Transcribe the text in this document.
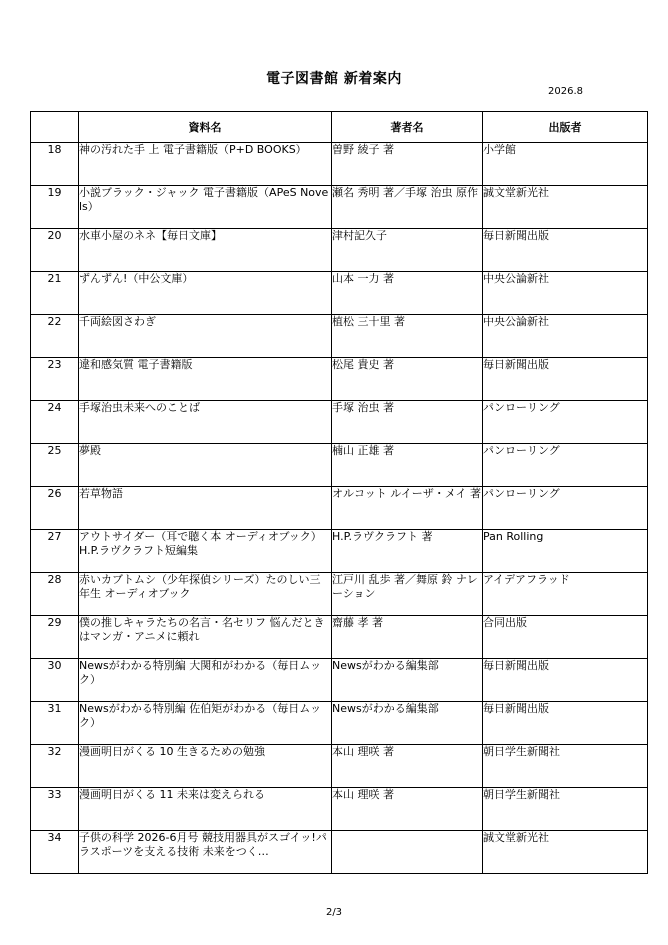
電子図書館 新着案内
2026.8
	資料名	著者名	出版者
18	神の汚れた手 上 電子書籍版（P+D BOOKS）	曽野 綾子 著	小学館
19	小説ブラック・ジャック 電子書籍版（APeS Novels）	瀬名 秀明 著／手塚 治虫 原作	誠文堂新光社
20	水車小屋のネネ【毎日文庫】	津村記久子	毎日新聞出版
21	ずんずん!（中公文庫）	山本 一力 著	中央公論新社
22	千両絵図さわぎ	植松 三十里 著	中央公論新社
23	違和感気質 電子書籍版	松尾 貴史 著	毎日新聞出版
24	手塚治虫未来へのことば	手塚 治虫 著	パンローリング
25	夢殿	楠山 正雄 著	パンローリング
26	若草物語	オルコット ルイーザ・メイ 著	パンローリング
27	アウトサイダー（耳で聴く本 オーディオブック）H.P.ラヴクラフト短編集	H.P.ラヴクラフト 著	Pan Rolling
28	赤いカブトムシ（少年探偵シリーズ）たのしい三年生 オーディオブック	江戸川 乱歩 著／舞原 鈴 ナレーション	アイデアフラッド
29	僕の推しキャラたちの名言・名セリフ 悩んだときはマンガ・アニメに頼れ	齋藤 孝 著	合同出版
30	Newsがわかる特別編 大関和がわかる（毎日ムック）	Newsがわかる編集部	毎日新聞出版
31	Newsがわかる特別編 佐伯矩がわかる（毎日ムック）	Newsがわかる編集部	毎日新聞出版
32	漫画明日がくる 10 生きるための勉強	本山 理咲 著	朝日学生新聞社
33	漫画明日がくる 11 未来は変えられる	本山 理咲 著	朝日学生新聞社
34	子供の科学 2026-6月号 競技用器具がスゴイッ!パラスポーツを支える技術 未来をつく…		誠文堂新光社
2/3
